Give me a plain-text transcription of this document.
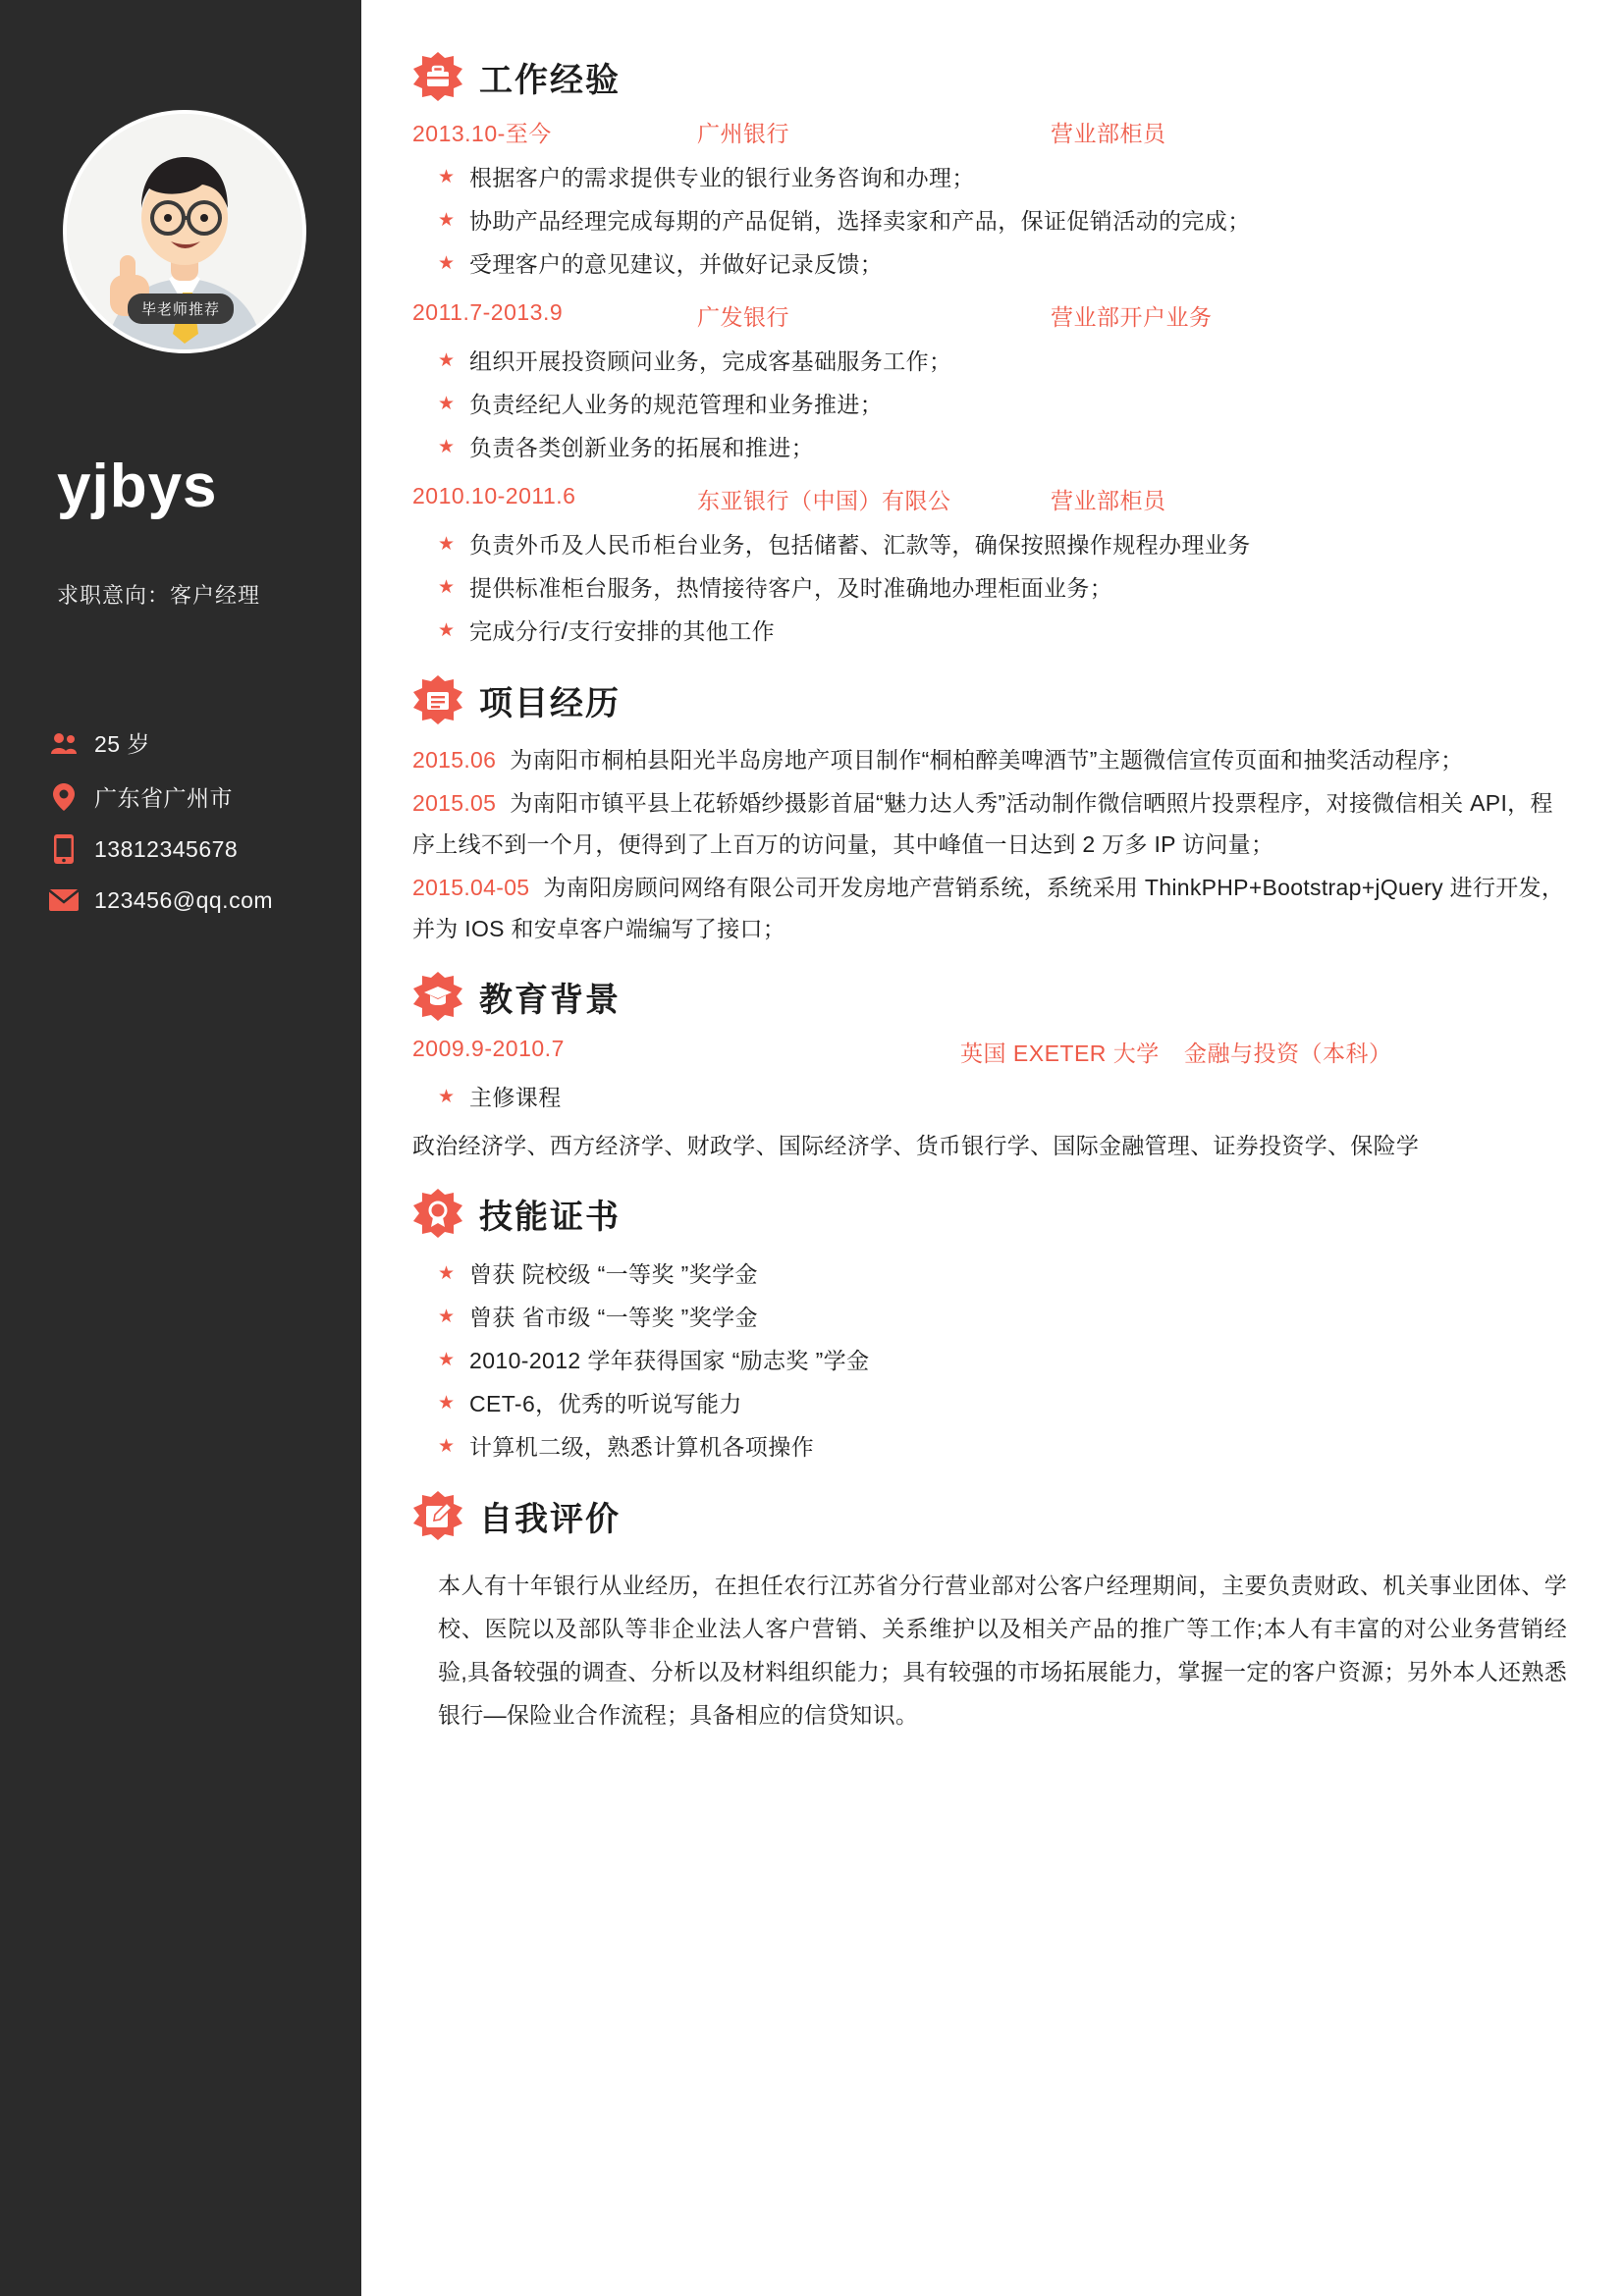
毕老师推荐
yjbys
求职意向：客户经理
25 岁
广东省广州市
13812345678
123456@qq.com
工作经验
2013.10-至今	广州银行	营业部柜员
★ 根据客户的需求提供专业的银行业务咨询和办理；
★ 协助产品经理完成每期的产品促销，选择卖家和产品，保证促销活动的完成；
★ 受理客户的意见建议，并做好记录反馈；
2011.7-2013.9	广发银行	营业部开户业务
★ 组织开展投资顾问业务，完成客基础服务工作；
★ 负责经纪人业务的规范管理和业务推进；
★ 负责各类创新业务的拓展和推进；
2010.10-2011.6	东亚银行（中国）有限公	营业部柜员
★ 负责外币及人民币柜台业务，包括储蓄、汇款等，确保按照操作规程办理业务
★ 提供标准柜台服务，热情接待客户，及时准确地办理柜面业务；
★ 完成分行/支行安排的其他工作
项目经历

2015.06 为南阳市桐柏县阳光半岛房地产项目制作“桐柏醉美啤酒节”主题微信宣传页面和抽奖活动程序；

2015.05 为南阳市镇平县上花轿婚纱摄影首届“魅力达人秀”活动制作微信晒照片投票程序，对接微信相关 API，程序上线不到一个月，便得到了上百万的访问量，其中峰值一日达到 2 万多 IP 访问量；

2015.04-05 为南阳房顾问网络有限公司开发房地产营销系统，系统采用 ThinkPHP+Bootstrap+jQuery 进行开发，并为 IOS 和安卓客户端编写了接口；

教育背景
2009.9-2010.7	英国 EXETER 大学	金融与投资（本科）
★ 主修课程

政治经济学、西方经济学、财政学、国际经济学、货币银行学、国际金融管理、证券投资学、保险学

技能证书
★ 曾获 院校级 “一等奖 ”奖学金
★ 曾获 省市级 “一等奖 ”奖学金
★ 2010-2012 学年获得国家 “励志奖 ”学金
★ CET-6，优秀的听说写能力
★ 计算机二级，熟悉计算机各项操作
自我评价

本人有十年银行从业经历，在担任农行江苏省分行营业部对公客户经理期间，主要负责财政、机关事业团体、学校、医院以及部队等非企业法人客户营销、关系维护以及相关产品的推广等工作;本人有丰富的对公业务营销经验,具备较强的调查、分析以及材料组织能力；具有较强的市场拓展能力，掌握一定的客户资源；另外本人还熟悉银行—保险业合作流程；具备相应的信贷知识。
